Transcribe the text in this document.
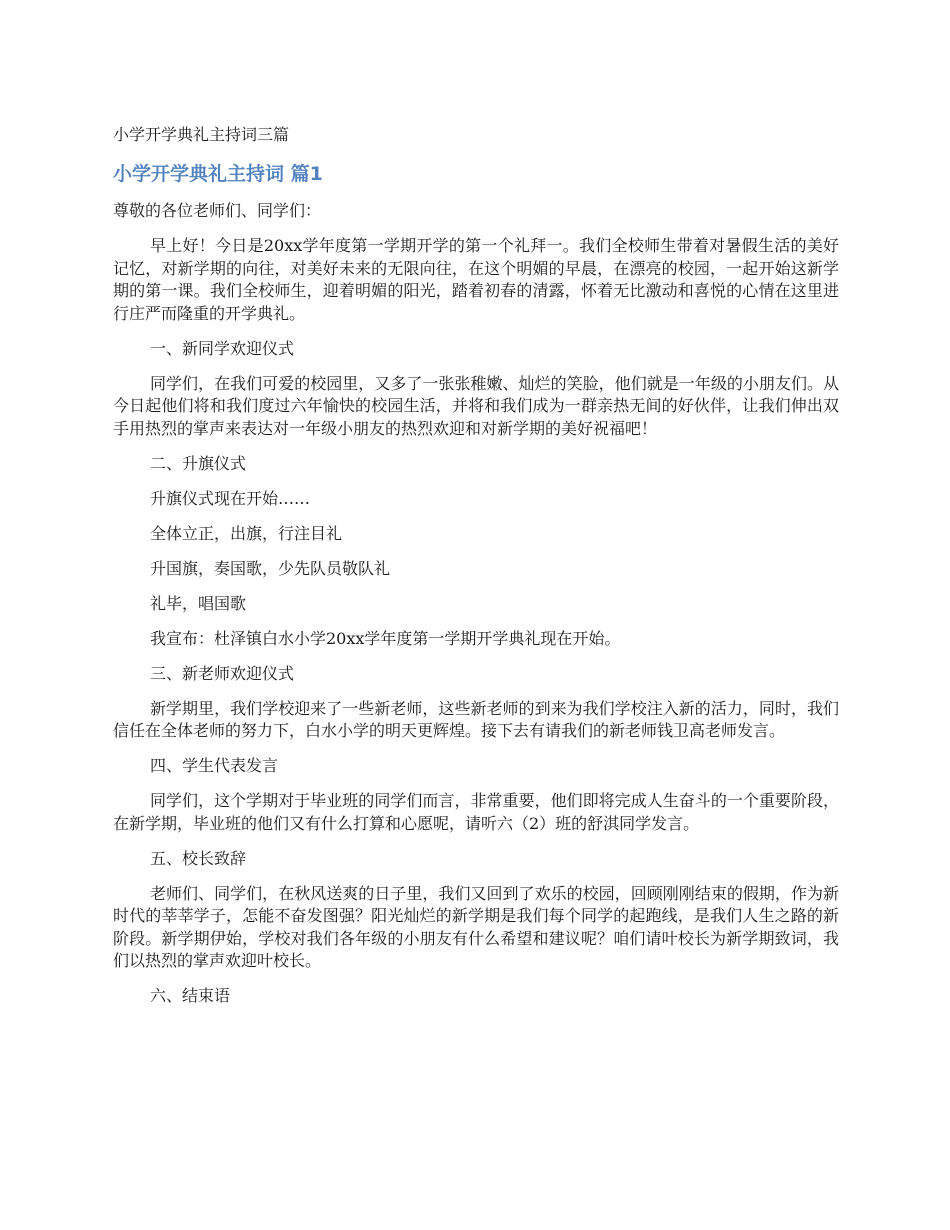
小学开学典礼主持词三篇
小学开学典礼主持词 篇1

尊敬的各位老师们、同学们：

早上好！今日是20xx学年度第一学期开学的第一个礼拜一。我们全校师生带着对暑假生活的美好记忆，对新学期的向往，对美好未来的无限向往，在这个明媚的早晨，在漂亮的校园，一起开始这新学期的第一课。我们全校师生，迎着明媚的阳光，踏着初春的清露，怀着无比激动和喜悦的心情在这里进行庄严而隆重的开学典礼。

一、新同学欢迎仪式

同学们，在我们可爱的校园里，又多了一张张稚嫩、灿烂的笑脸，他们就是一年级的小朋友们。从今日起他们将和我们度过六年愉快的校园生活，并将和我们成为一群亲热无间的好伙伴，让我们伸出双手用热烈的掌声来表达对一年级小朋友的热烈欢迎和对新学期的美好祝福吧！

二、升旗仪式

升旗仪式现在开始……

全体立正，出旗，行注目礼

升国旗，奏国歌，少先队员敬队礼

礼毕，唱国歌

我宣布：杜泽镇白水小学20xx学年度第一学期开学典礼现在开始。

三、新老师欢迎仪式

新学期里，我们学校迎来了一些新老师，这些新老师的到来为我们学校注入新的活力，同时，我们信任在全体老师的努力下，白水小学的明天更辉煌。接下去有请我们的新老师钱卫高老师发言。

四、学生代表发言

同学们，这个学期对于毕业班的同学们而言，非常重要，他们即将完成人生奋斗的一个重要阶段，在新学期，毕业班的他们又有什么打算和心愿呢，请听六（2）班的舒淇同学发言。

五、校长致辞

老师们、同学们，在秋风送爽的日子里，我们又回到了欢乐的校园，回顾刚刚结束的假期，作为新时代的莘莘学子，怎能不奋发图强？阳光灿烂的新学期是我们每个同学的起跑线，是我们人生之路的新阶段。新学期伊始，学校对我们各年级的小朋友有什么希望和建议呢？咱们请叶校长为新学期致词，我们以热烈的掌声欢迎叶校长。

六、结束语
